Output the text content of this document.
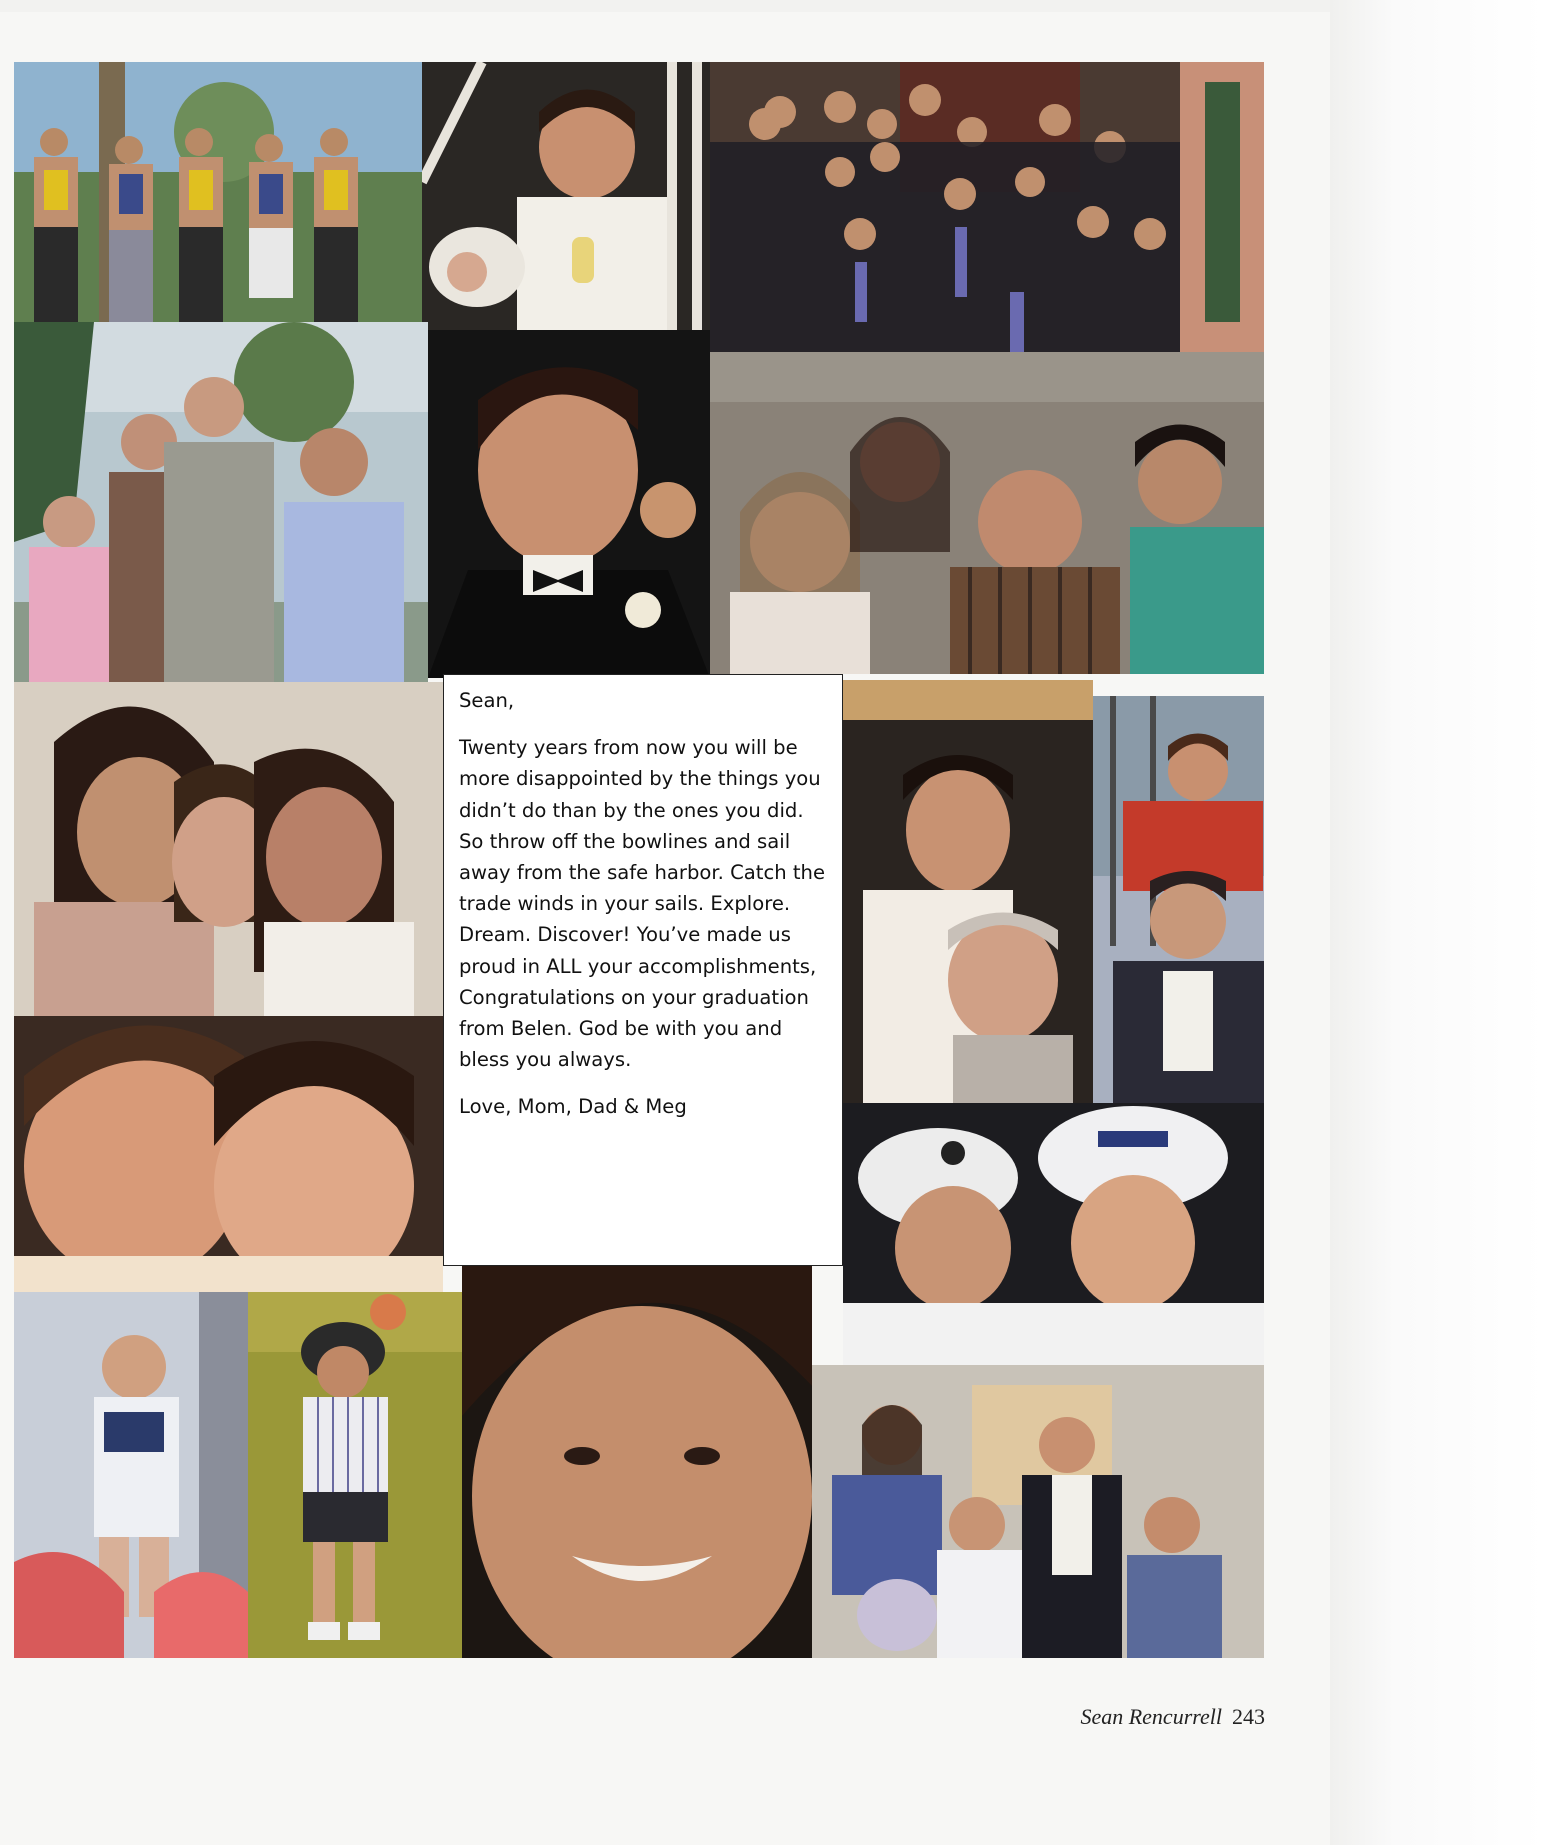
Sean,

Twenty years from now you will be more disappointed by the things you didn’t do than by the ones you did. So throw off the bowlines and sail away from the safe harbor. Catch the trade winds in your sails. Explore. Dream. Discover! You’ve made us proud in ALL your accomplishments, Congratulations on your graduation from Belen. God be with you and bless you always.

Love, Mom, Dad & Meg

Sean Rencurrell 243
